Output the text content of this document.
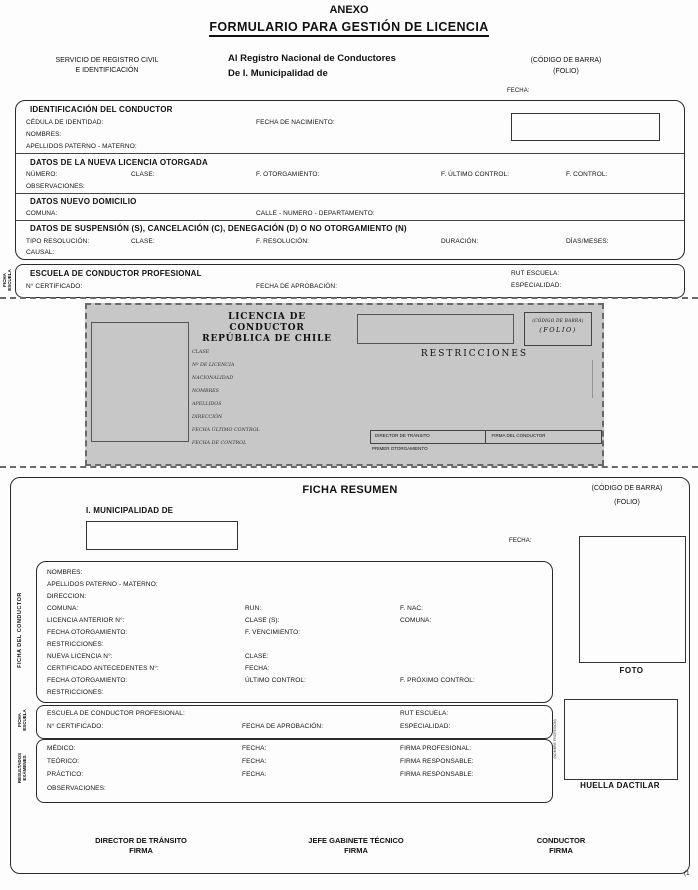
ANEXO
FORMULARIO PARA GESTIÓN DE LICENCIA
SERVICIO DE REGISTRO CIVIL
E IDENTIFICACIÓN
Al Registro Nacional de Conductores
De I. Municipalidad de
(CÓDIGO DE BARRA)
(FOLIO)
FECHA:
IDENTIFICACIÓN DEL CONDUCTOR
CÉDULA DE IDENTIDAD:	FECHA DE NACIMIENTO:
NOMBRES:
APELLIDOS PATERNO - MATERNO:
DATOS DE LA NUEVA LICENCIA OTORGADA
NÚMERO:	CLASE:	F. OTORGAMIENTO:	F. ÚLTIMO CONTROL:	F. CONTROL:
OBSERVACIONES:
DATOS NUEVO DOMICILIO
COMUNA:	CALLE - NUMERO - DEPARTAMENTO:
DATOS DE SUSPENSIÓN (S), CANCELACIÓN (C), DENEGACIÓN (D) O NO OTORGAMIENTO (N)
TIPO RESOLUCIÓN:	CLASE:	F. RESOLUCIÓN:	DURACIÓN:	DÍAS/MESES:
CAUSAL:
FICHA ESCUELA ESCUELA DE CONDUCTOR PROFESIONAL	RUT ESCUELA:
N° CERTIFICADO:	FECHA DE APROBACIÓN:	ESPECIALIDAD:
LICENCIA DE CONDUCTOR
REPÚBLICA DE CHILE
CLASE
Nº DE LICENCIA
NACIONALIDAD
NOMBRES
APELLIDOS
DIRECCIÓN
FECHA ÚLTIMO CONTROL
FECHA DE CONTROL
(CÓDIGO DE BARRA)
(FOLIO)
RESTRICCIONES
DIRECTOR DE TRÁNSITO	FIRMA DEL CONDUCTOR
PRIMER OTORGAMIENTO
FICHA RESUMEN	(CÓDIGO DE BARRA)
(FOLIO)
I. MUNICIPALIDAD DE
FECHA:
NOMBRES:
APELLIDOS PATERNO - MATERNO:
DIRECCION:
COMUNA:	RUN:	F. NAC:
LICENCIA ANTERIOR N°:	CLASE (S):	COMUNA:
FECHA OTORGAMIENTO:	F. VENCIMIENTO:
RESTRICCIONES:
NUEVA LICENCIA N°:	CLASE:
CERTIFICADO ANTECEDENTES N°:	FECHA:
FECHA OTORGAMIENTO:	ÚLTIMO CONTROL:	F. PRÓXIMO CONTROL:
RESTRICCIONES:
ESCUELA DE CONDUCTOR PROFESIONAL:	RUT ESCUELA:
N° CERTIFICADO:	FECHA DE APROBACIÓN:	ESPECIALIDAD:
MÉDICO:	FECHA:	FIRMA PROFESIONAL:
TEÓRICO:	FECHA:	FIRMA RESPONSABLE:
PRÁCTICO:	FECHA:	FIRMA RESPONSABLE:
OBSERVACIONES:
FOTO
HUELLA DACTILAR
DIRECTOR DE TRÁNSITO
FIRMA
JEFE GABINETE TÉCNICO
FIRMA
CONDUCTOR
FIRMA
FICHA DEL CONDUCTOR
FICHA ESCUELA
RESULTADOS EXÁMENES
(NOMBRE PROFESIÓN)
(1
